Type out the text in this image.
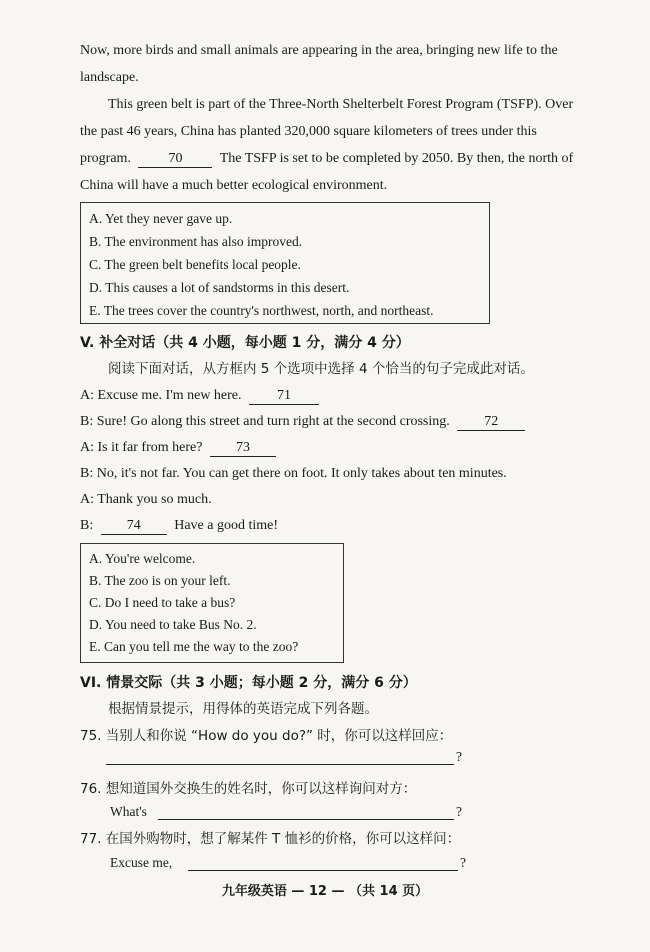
Now, more birds and small animals are appearing in the area, bringing new life to the
landscape.
This green belt is part of the Three-North Shelterbelt Forest Program (TSFP). Over
the past 46 years, China has planted 320,000 square kilometers of trees under this
program.	70	The TSFP is set to be completed by 2050. By then, the north of
China will have a much better ecological environment.
A. Yet they never gave up.
B. The environment has also improved.
C. The green belt benefits local people.
D. This causes a lot of sandstorms in this desert.
E. The trees cover the country's northwest, north, and northeast.
V. 补全对话（共 4 小题，每小题 1 分，满分 4 分）
阅读下面对话，从方框内 5 个选项中选择 4 个恰当的句子完成此对话。
A: Excuse me. I'm new here.	71
B: Sure! Go along this street and turn right at the second crossing. 72
A: Is it far from here? 73
B: No, it's not far. You can get there on foot. It only takes about ten minutes.
A: Thank you so much.
B: 74 Have a good time!
A. You're welcome.
B. The zoo is on your left.
C. Do I need to take a bus?
D. You need to take Bus No. 2.
E. Can you tell me the way to the zoo?
VI. 情景交际（共 3 小题；每小题 2 分，满分 6 分）
根据情景提示，用得体的英语完成下列各题。
75. 当别人和你说 “How do you do?” 时，你可以这样回应：
?
76. 想知道国外交换生的姓名时，你可以这样询问对方：
What's	?
77. 在国外购物时，想了解某件 T 恤衫的价格，你可以这样问：
Excuse me,	?
九年级英语 — 12 — （共 14 页）
